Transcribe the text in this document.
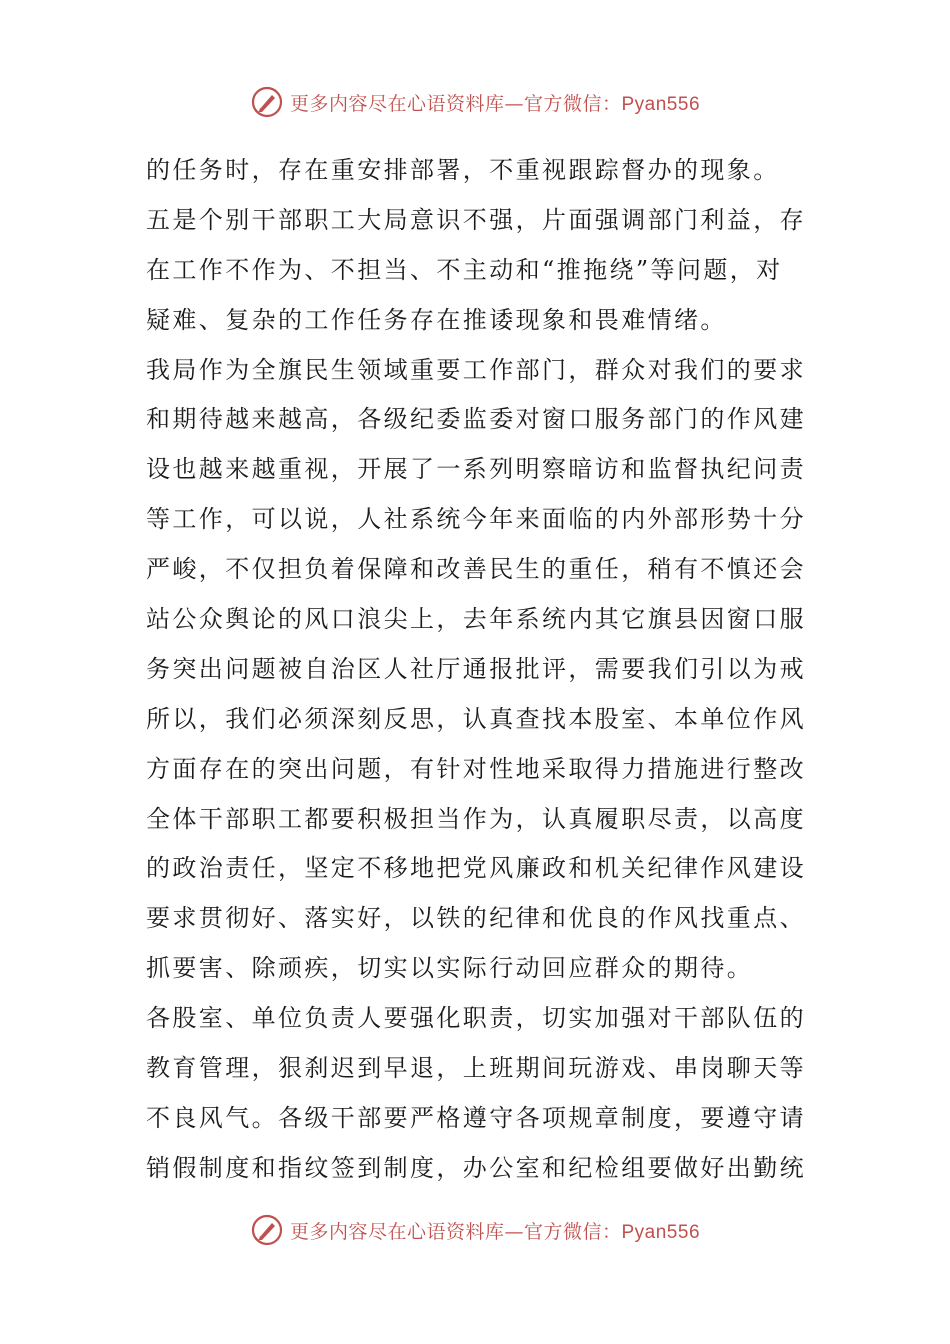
更多内容尽在心语资料库—官方微信：Pyan556
的任务时，存在重安排部署，不重视跟踪督办的现象。
五是个别干部职工大局意识不强，片面强调部门利益，存
在工作不作为、不担当、不主动和“推拖绕”等问题，对
疑难、复杂的工作任务存在推诿现象和畏难情绪。
我局作为全旗民生领域重要工作部门，群众对我们的要求
和期待越来越高，各级纪委监委对窗口服务部门的作风建
设也越来越重视，开展了一系列明察暗访和监督执纪问责
等工作，可以说，人社系统今年来面临的内外部形势十分
严峻，不仅担负着保障和改善民生的重任，稍有不慎还会
站公众舆论的风口浪尖上，去年系统内其它旗县因窗口服
务突出问题被自治区人社厅通报批评，需要我们引以为戒
所以，我们必须深刻反思，认真查找本股室、本单位作风
方面存在的突出问题，有针对性地采取得力措施进行整改
全体干部职工都要积极担当作为，认真履职尽责，以高度
的政治责任，坚定不移地把党风廉政和机关纪律作风建设
要求贯彻好、落实好，以铁的纪律和优良的作风找重点、
抓要害、除顽疾，切实以实际行动回应群众的期待。
各股室、单位负责人要强化职责，切实加强对干部队伍的
教育管理，狠刹迟到早退，上班期间玩游戏、串岗聊天等
不良风气。各级干部要严格遵守各项规章制度，要遵守请
销假制度和指纹签到制度，办公室和纪检组要做好出勤统
更多内容尽在心语资料库—官方微信：Pyan556
